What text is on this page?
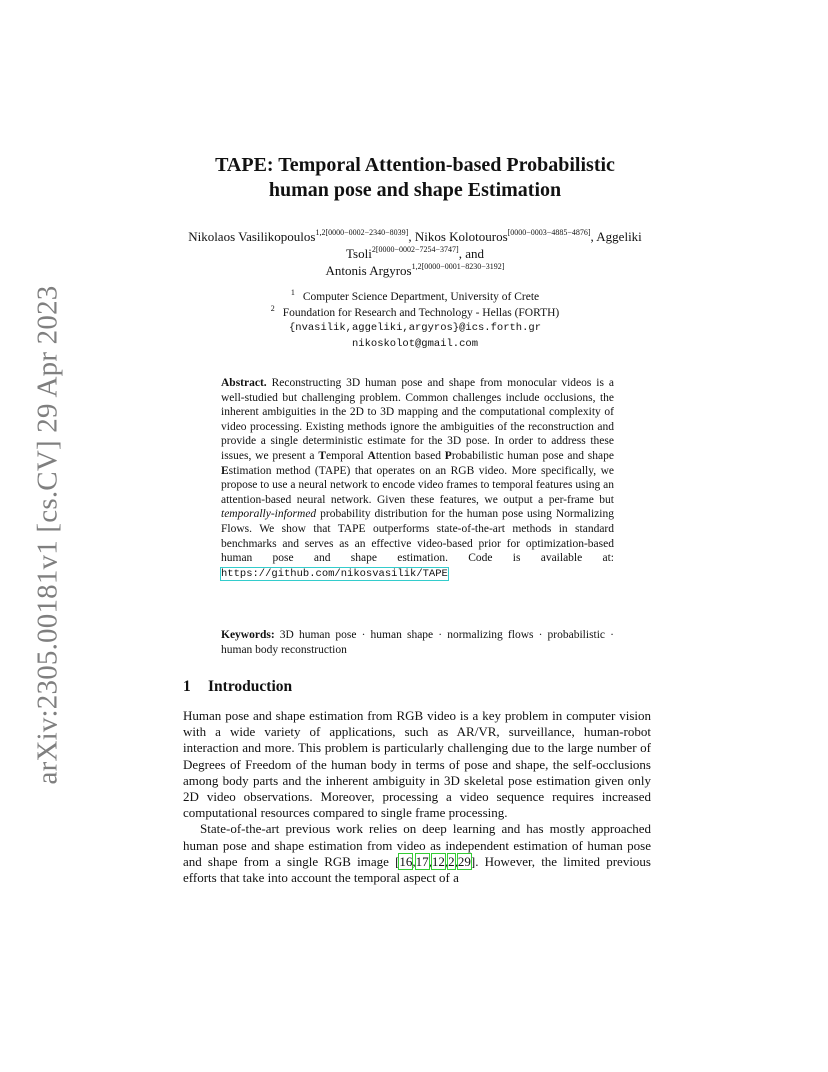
arXiv:2305.00181v1 [cs.CV] 29 Apr 2023
TAPE: Temporal Attention-based Probabilistic
human pose and shape Estimation
Nikolaos Vasilikopoulos$^{1,2[0000-0002-2340-8039]}$, Nikos Kolotouros[0000−0003−4885−4876], Aggeliki Tsoli$^{2[0000-0002-7254-3747]}$, and
Antonis Argyros$^{1,2[0000-0001-8230-3192]}$
$^1$ Computer Science Department, University of Crete
$^2$ Foundation for Research and Technology - Hellas (FORTH)
{nvasilik,aggeliki,argyros}@ics.forth.gr
nikoskolot@gmail.com
Abstract. Reconstructing 3D human pose and shape from monocular videos is a well-studied but challenging problem. Common challenges include occlusions, the inherent ambiguities in the 2D to 3D mapping and the computational complexity of video processing. Existing methods ignore the ambiguities of the reconstruction and provide a single deterministic estimate for the 3D pose. In order to address these issues, we present a Temporal Attention based Probabilistic human pose and shape Estimation method (TAPE) that operates on an RGB video. More specifically, we propose to use a neural network to encode video frames to temporal features using an attention-based neural network. Given these features, we output a per-frame but temporally-informed probability distribution for the human pose using Normalizing Flows. We show that TAPE outperforms state-of-the-art methods in standard benchmarks and serves as an effective video-based prior for optimization-based human pose and shape estimation. Code is available at: https://github.com/nikosvasilik/TAPE
Keywords: 3D human pose · human shape · normalizing flows · probabilistic · human body reconstruction
1 Introduction

Human pose and shape estimation from RGB video is a key problem in computer vision with a wide variety of applications, such as AR/VR, surveillance, human-robot interaction and more. This problem is particularly challenging due to the large number of Degrees of Freedom of the human body in terms of pose and shape, the self-occlusions among body parts and the inherent ambiguity in 3D skeletal pose estimation given only 2D video observations. Moreover, processing a video sequence requires increased computational resources compared to single frame processing.

State-of-the-art previous work relies on deep learning and has mostly approached human pose and shape estimation from video as independent estimation of human pose and shape from a single RGB image [16,17,12,2,29]. However, the limited previous efforts that take into account the temporal aspect of a
